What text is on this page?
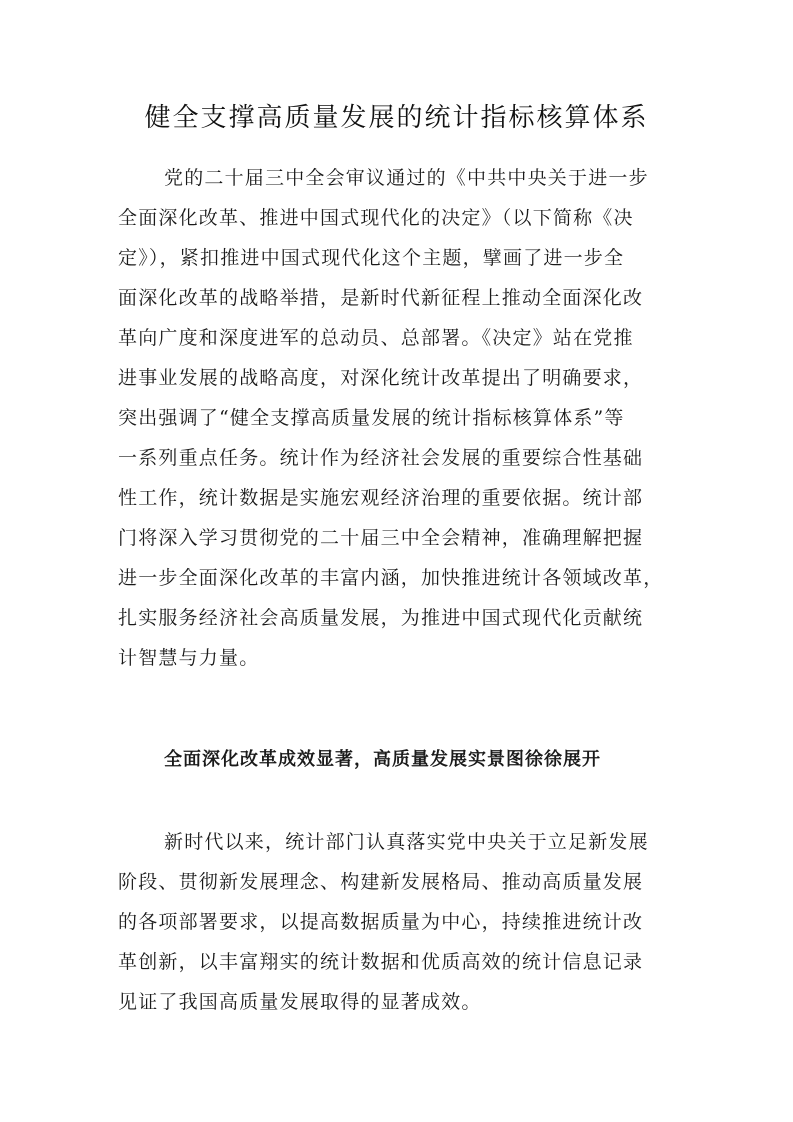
健全支撑高质量发展的统计指标核算体系
党的二十届三中全会审议通过的《中共中央关于进一步
全面深化改革、推进中国式现代化的决定》（以下简称《决
定》），紧扣推进中国式现代化这个主题，擘画了进一步全
面深化改革的战略举措，是新时代新征程上推动全面深化改
革向广度和深度进军的总动员、总部署。《决定》站在党推
进事业发展的战略高度，对深化统计改革提出了明确要求，
突出强调了“健全支撑高质量发展的统计指标核算体系”等
一系列重点任务。统计作为经济社会发展的重要综合性基础
性工作，统计数据是实施宏观经济治理的重要依据。统计部
门将深入学习贯彻党的二十届三中全会精神，准确理解把握
进一步全面深化改革的丰富内涵，加快推进统计各领域改革，
扎实服务经济社会高质量发展，为推进中国式现代化贡献统
计智慧与力量。
全面深化改革成效显著，高质量发展实景图徐徐展开
新时代以来，统计部门认真落实党中央关于立足新发展
阶段、贯彻新发展理念、构建新发展格局、推动高质量发展
的各项部署要求，以提高数据质量为中心，持续推进统计改
革创新，以丰富翔实的统计数据和优质高效的统计信息记录
见证了我国高质量发展取得的显著成效。
